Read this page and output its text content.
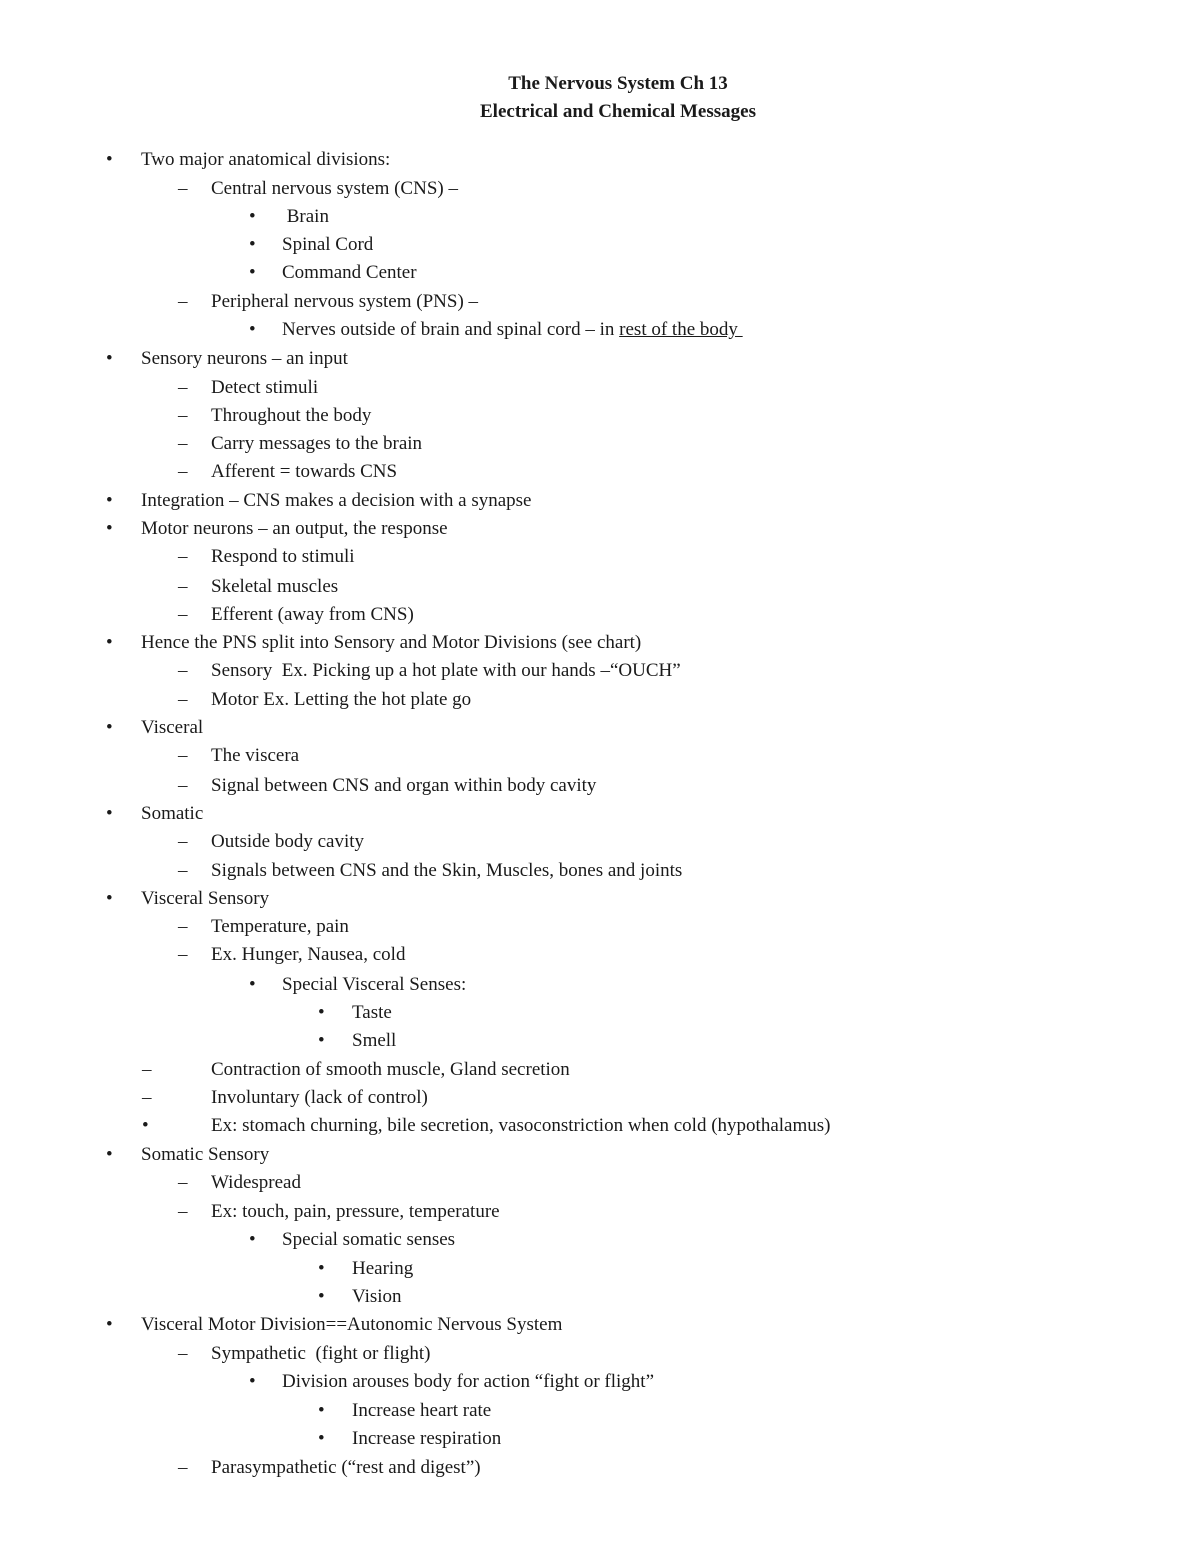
The Nervous System Ch 13
Electrical and Chemical Messages
• Two major anatomical divisions:
– Central nervous system (CNS) –
• Brain
• Spinal Cord
• Command Center
– Peripheral nervous system (PNS) –
• Nerves outside of brain and spinal cord – in rest of the body
• Sensory neurons – an input
– Detect stimuli
– Throughout the body
– Carry messages to the brain
– Afferent = towards CNS
• Integration – CNS makes a decision with a synapse
• Motor neurons – an output, the response
– Respond to stimuli
– Skeletal muscles
– Efferent (away from CNS)
• Hence the PNS split into Sensory and Motor Divisions (see chart)
– Sensory  Ex. Picking up a hot plate with our hands –“OUCH”
– Motor Ex. Letting the hot plate go
• Visceral
– The viscera
– Signal between CNS and organ within body cavity
• Somatic
– Outside body cavity
– Signals between CNS and the Skin, Muscles, bones and joints
• Visceral Sensory
– Temperature, pain
– Ex. Hunger, Nausea, cold
• Special Visceral Senses:
• Taste
• Smell
–	Contraction of smooth muscle, Gland secretion
–	Involuntary (lack of control)
•	Ex: stomach churning, bile secretion, vasoconstriction when cold (hypothalamus)
• Somatic Sensory
– Widespread
– Ex: touch, pain, pressure, temperature
• Special somatic senses
• Hearing
• Vision
• Visceral Motor Division==Autonomic Nervous System
– Sympathetic  (fight or flight)
• Division arouses body for action “fight or flight”
• Increase heart rate
• Increase respiration
– Parasympathetic (“rest and digest”)
